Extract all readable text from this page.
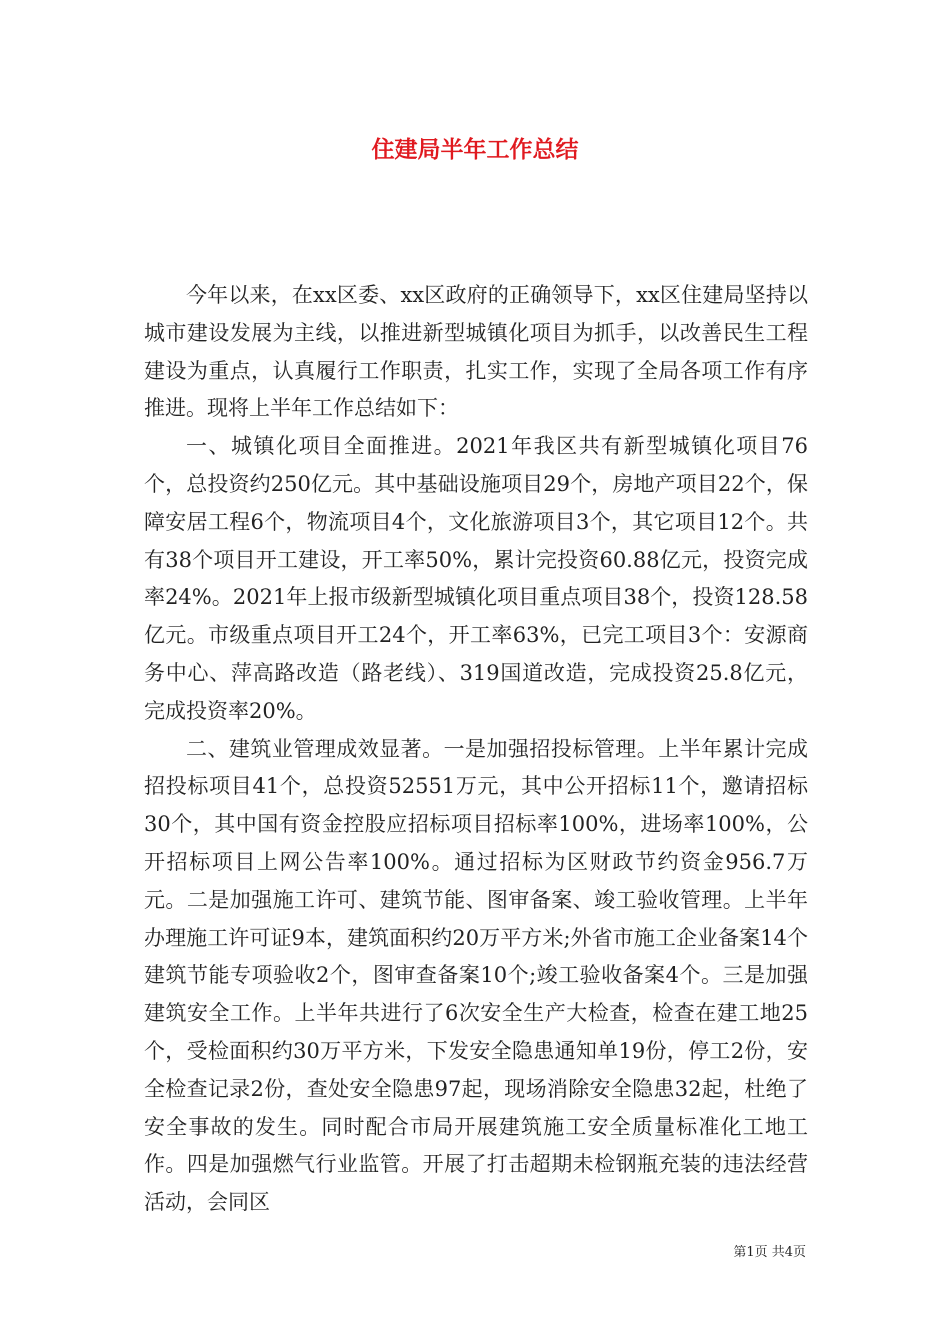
住建局半年工作总结

今年以来，在xx区委、xx区政府的正确领导下，xx区住建局坚持以城市建设发展为主线，以推进新型城镇化项目为抓手，以改善民生工程建设为重点，认真履行工作职责，扎实工作，实现了全局各项工作有序推进。现将上半年工作总结如下：

一、城镇化项目全面推进。2021年我区共有新型城镇化项目76个，总投资约250亿元。其中基础设施项目29个，房地产项目22个，保障安居工程6个，物流项目4个，文化旅游项目3个，其它项目12个。共有38个项目开工建设，开工率50%，累计完投资60.88亿元，投资完成率24%。2021年上报市级新型城镇化项目重点项目38个，投资128.58亿元。市级重点项目开工24个，开工率63%，已完工项目3个：安源商务中心、萍高路改造（路老线）、319国道改造，完成投资25.8亿元，完成投资率20%。

二、建筑业管理成效显著。一是加强招投标管理。上半年累计完成招投标项目41个，总投资52551万元，其中公开招标11个，邀请招标30个，其中国有资金控股应招标项目招标率100%，进场率100%，公开招标项目上网公告率100%。通过招标为区财政节约资金956.7万元。二是加强施工许可、建筑节能、图审备案、竣工验收管理。上半年办理施工许可证9本，建筑面积约20万平方米;外省市施工企业备案14个建筑节能专项验收2个，图审查备案10个;竣工验收备案4个。三是加强建筑安全工作。上半年共进行了6次安全生产大检查，检查在建工地25个，受检面积约30万平方米，下发安全隐患通知单19份，停工2份，安全检查记录2份，查处安全隐患97起，现场消除安全隐患32起，杜绝了安全事故的发生。同时配合市局开展建筑施工安全质量标准化工地工作。四是加强燃气行业监管。开展了打击超期未检钢瓶充装的违法经营活动，会同区

第1页 共4页
